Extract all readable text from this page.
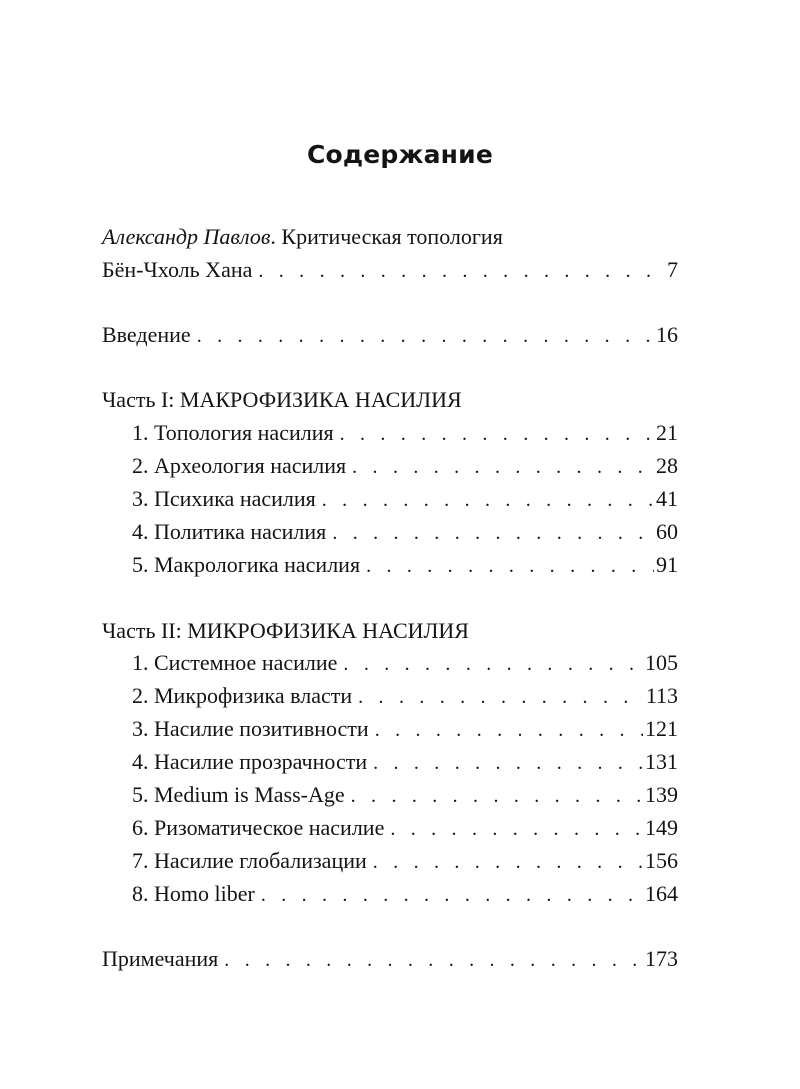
Содержание
Александр Павлов. Критическая топология
Бён-Чхоль Хана . . .	7
Введение . . .	16
Часть I: МАКРОФИЗИКА НАСИЛИЯ
1. Топология насилия . . .	21
2. Археология насилия . . .	28
3. Психика насилия . . .	41
4. Политика насилия . . .	60
5. Макрологика насилия . . .	91
Часть II: МИКРОФИЗИКА НАСИЛИЯ
1. Системное насилие . . .	105
2. Микрофизика власти . . .	113
3. Насилие позитивности . . .	121
4. Насилие прозрачности . . .	131
5. Medium is Mass-Age . . .	139
6. Ризоматическое насилие . . .	149
7. Насилие глобализации . . .	156
8. Homo liber . . .	164
Примечания . . .	173
